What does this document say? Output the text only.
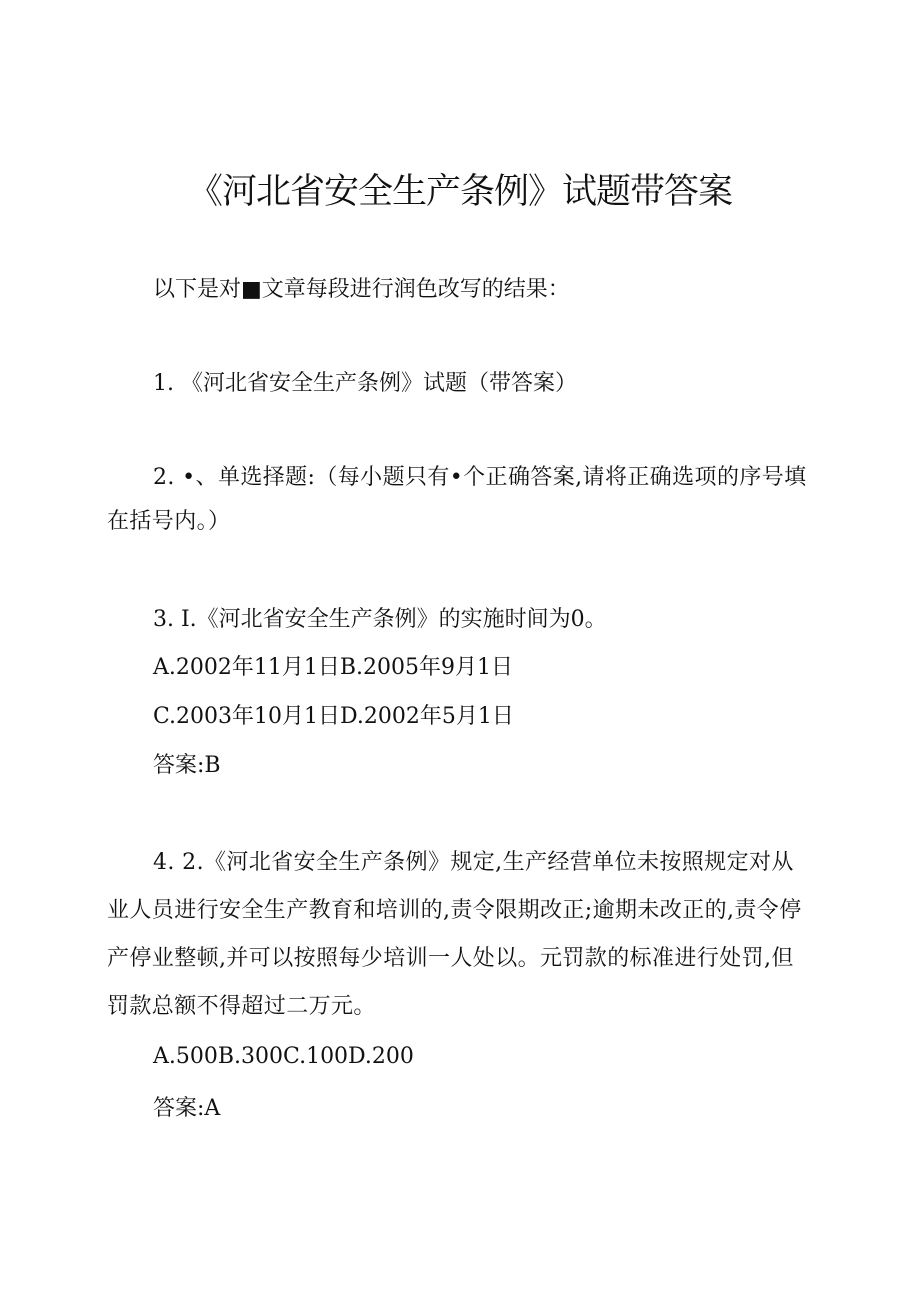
《河北省安全生产条例》试题带答案

以下是对■文章每段进行润色改写的结果：

1. 《河北省安全生产条例》试题（带答案）

2. •、单选择题:（每小题只有•个正确答案,请将正确选项的序号填在括号内。）

3. I.《河北省安全生产条例》的实施时间为0。

A.2002年11月1日B.2005年9月1日

C.2003年10月1日D.2002年5月1日

答案:B

4. 2.《河北省安全生产条例》规定,生产经营单位未按照规定对从业人员进行安全生产教育和培训的,责令限期改正;逾期未改正的,责令停产停业整顿,并可以按照每少培训一人处以。元罚款的标准进行处罚,但罚款总额不得超过二万元。

A.500B.300C.100D.200

答案:A
